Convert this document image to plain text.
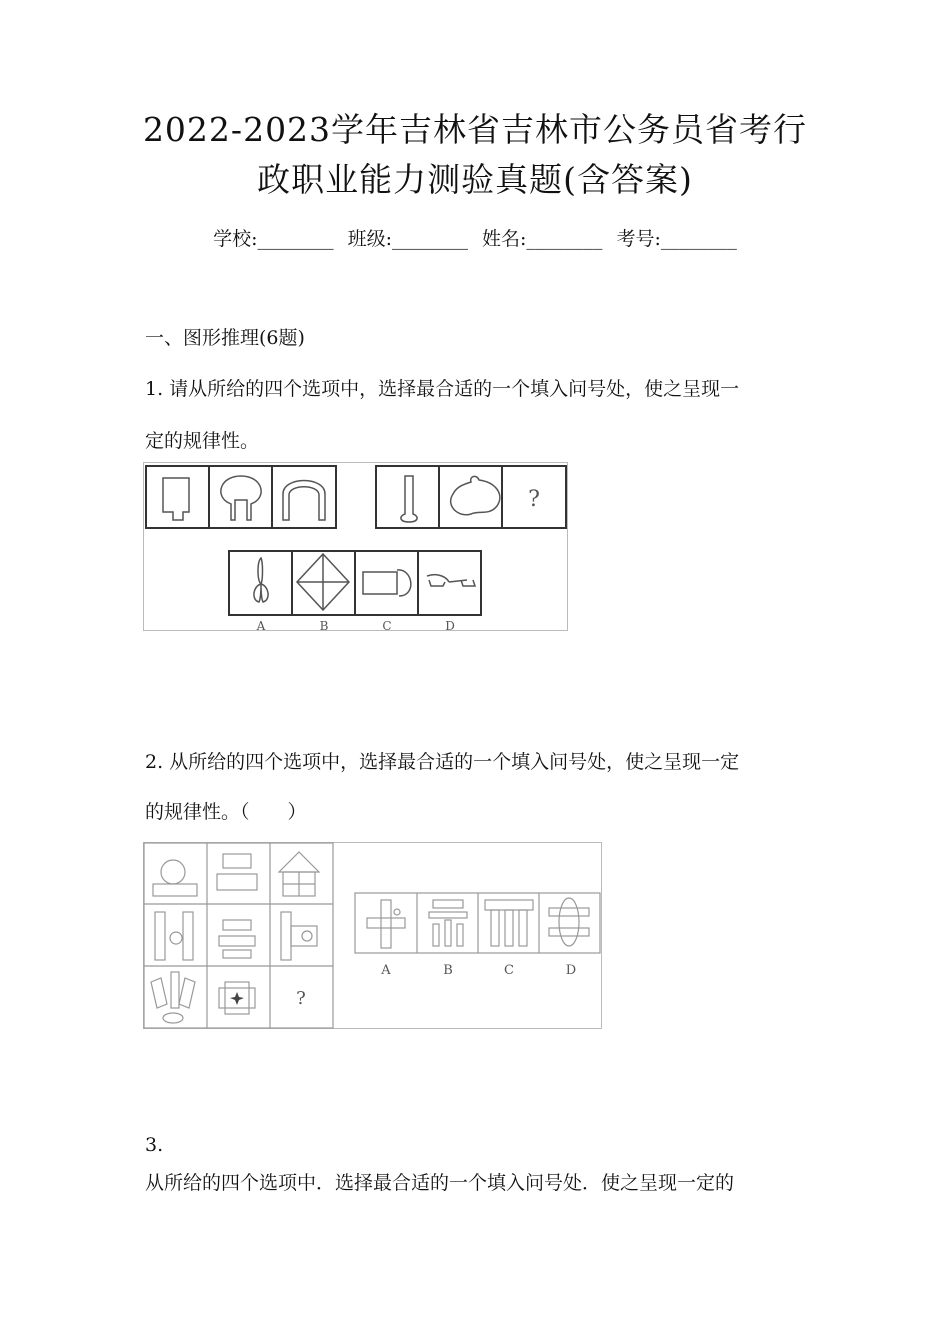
2022-2023学年吉林省吉林市公务员省考行
政职业能力测验真题(含答案)
学校:________ 班级:________ 姓名:________ 考号:________
一、图形推理(6题)
1. 请从所给的四个选项中，选择最合适的一个填入问号处，使之呈现一
定的规律性。
?
A	B	C	D
2. 从所给的四个选项中，选择最合适的一个填入问号处，使之呈现一定
的规律性。（　　）
?
A	B	C	D
3.
从所给的四个选项中．选择最合适的一个填入问号处．使之呈现一定的
